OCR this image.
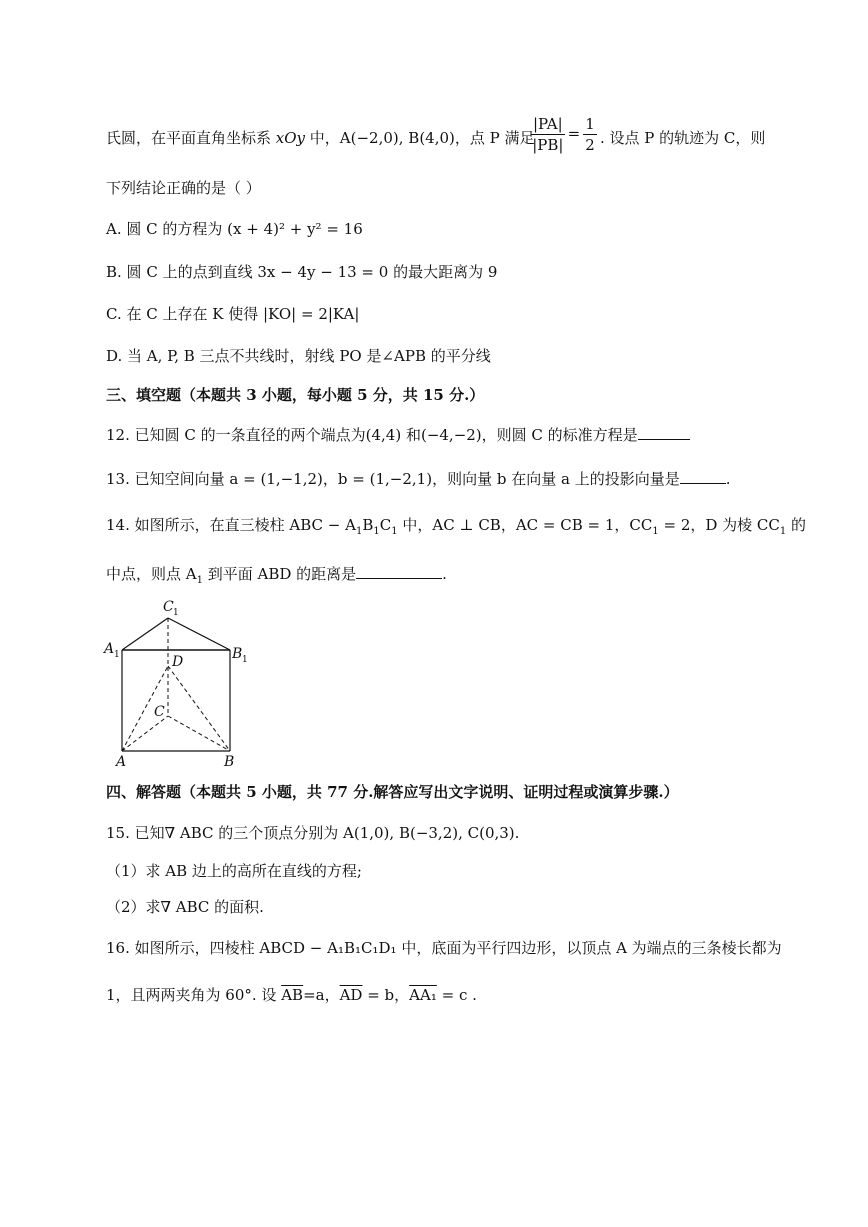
氏圆，在平面直角坐标系 xOy 中，A(−2,0), B(4,0)，点 P 满足
$\frac{|PA|}{|PB|} = \frac{1}{2}$ . 设点 P 的轨迹为 C，则
下列结论正确的是（ ）
A. 圆 C 的方程为 (x + 4)² + y² = 16
B. 圆 C 上的点到直线 3x − 4y − 13 = 0 的最大距离为 9
C. 在 C 上存在 K 使得 |KO| = 2|KA|
D. 当 A, P, B 三点不共线时，射线 PO 是∠APB 的平分线
三、填空题（本题共 3 小题，每小题 5 分，共 15 分.）
12. 已知圆 C 的一条直径的两个端点为(4,4) 和(−4,−2)，则圆 C 的标准方程是
13. 已知空间向量 a = (1,−1,2)，b = (1,−2,1)，则向量 b 在向量 a 上的投影向量是	.
14. 如图所示，在直三棱柱 ABC − $A_1B_1C_1$ 中，AC ⊥ CB，AC = CB = 1，$CC_1 = 2$，D 为棱 $CC_1$ 的
中点，则点 $A_1$ 到平面 ABD 的距离是	.
C 1
A 1	B 1
D
C
A	B
四、解答题（本题共 5 小题，共 77 分.解答应写出文字说明、证明过程或演算步骤.）
15. 已知∇ ABC 的三个顶点分别为 A(1,0), B(−3,2), C(0,3).
（1）求 AB 边上的高所在直线的方程;
（2）求∇ ABC 的面积.
16. 如图所示，四棱柱 ABCD − A₁B₁C₁D₁ 中，底面为平行四边形，以顶点 A 为端点的三条棱长都为
1，且两两夹角为 60°. 设 $\overline{AB}=a$，$\overline{AD} = b$，AA₁ = c .
